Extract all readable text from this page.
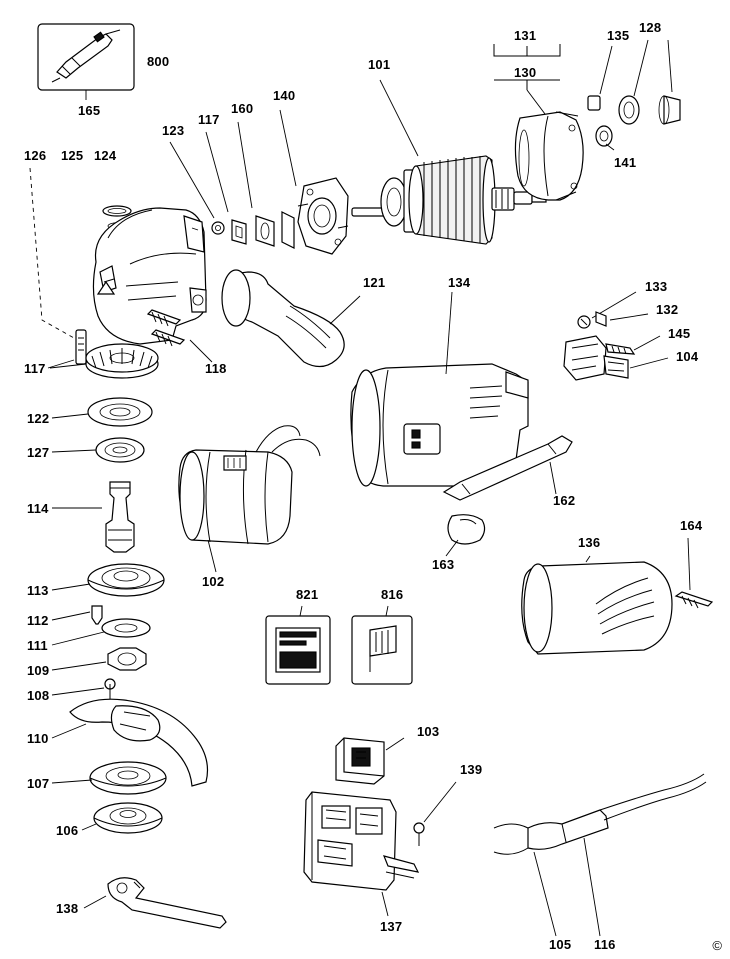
800
165
126 125 124
123
117
160
140
101
131
130
135
128
141
117	118
121	134	133
132
145
104
122
127
114
102
162
163
136
164
113
112
111
109
108
110
107
106
821	816
103
139
138
137
105 116	©
